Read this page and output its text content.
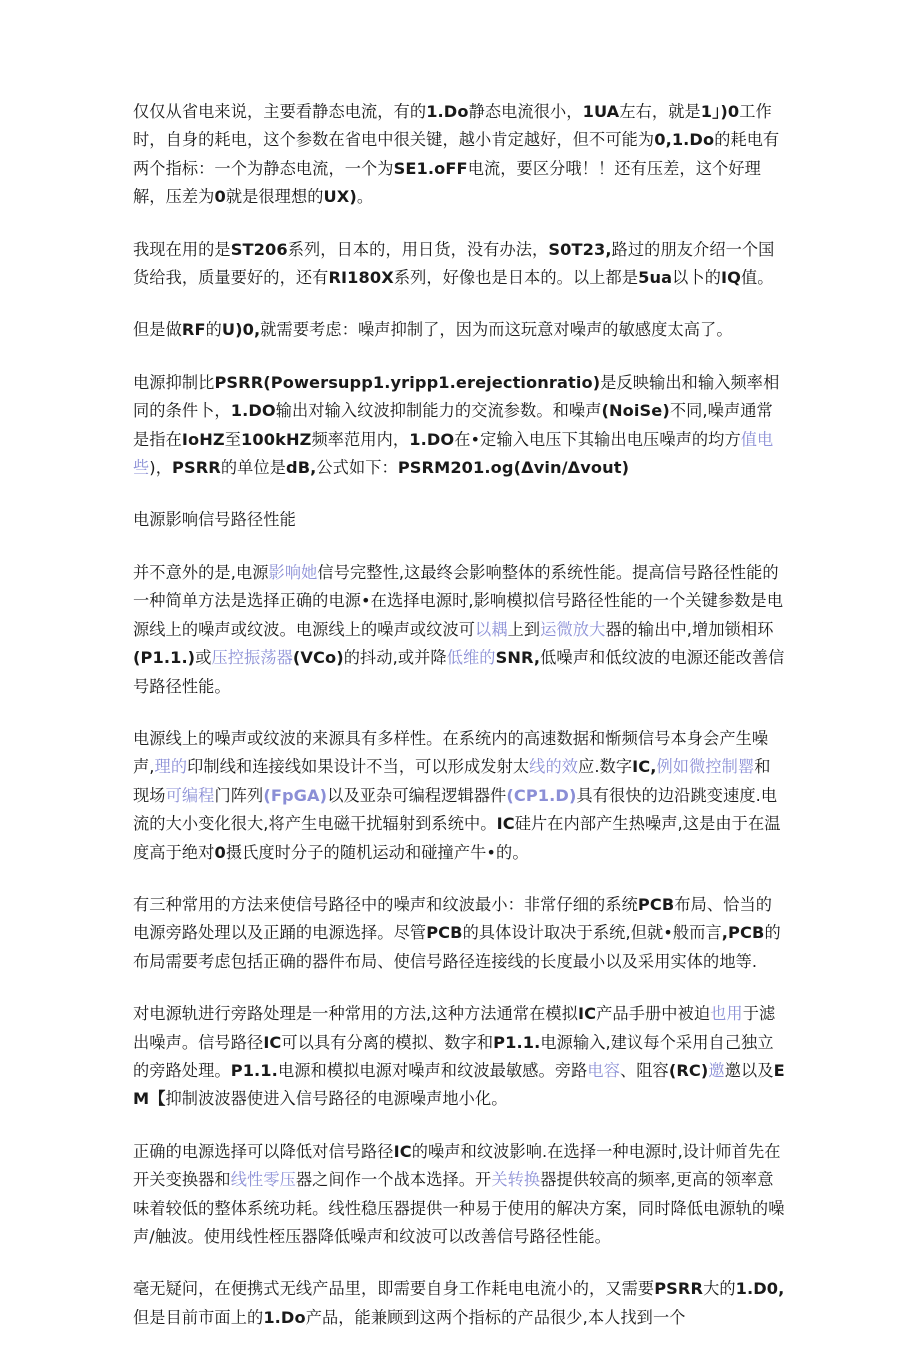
仅仅从省电来说，主要看静态电流，有的1.Do静态电流很小，1UA左右，就是1」)0工作时，自身的耗电，这个参数在省电中很关键，越小肯定越好，但不可能为0,1.Do的耗电有两个指标：一个为静态电流，一个为SE1.oFF电流，要区分哦！！还有压差，这个好理解，压差为0就是很理想的UX)。

我现在用的是ST206系列，日本的，用日货，没有办法，S0T23,路过的朋友介绍一个国货给我，质量要好的，还有RI180X系列，好像也是日本的。以上都是5ua以卜的IQ值。

但是做RF的U)0,就需要考虑：噪声抑制了，因为而这玩意对噪声的敏感度太高了。

电源抑制比PSRR(Powersupp1.yripp1.erejectionratio)是反映输出和输入频率相同的条件卜，1.DO输出对输入纹波抑制能力的交流参数。和噪声(NoiSe)不同,噪声通常是指在IoHZ至100kHZ频率范用内，1.DO在•定输入电压下其输出电压噪声的均方值电些)，PSRR的单位是dB,公式如下：PSRM201.og(Δvin/Δvout)

电源影响信号路径性能

并不意外的是,电源影响她信号完整性,这最终会影响整体的系统性能。提高信号路径性能的一种简单方法是选择正确的电源•在选择电源时,影响模拟信号路径性能的一个关键参数是电源线上的噪声或纹波。电源线上的噪声或纹波可以耦上到运微放大器的输出中,增加锁相环(P1.1.)或压控振荡器(VCo)的抖动,或并降低维的SNR,低噪声和低纹波的电源还能改善信号路径性能。

电源线上的噪声或纹波的来源具有多样性。在系统内的高速数据和惭频信号本身会产生噪声,理的印制线和连接线如果设计不当，可以形成发射太线的效应.数字IC,例如微控制罂和现场可编程门阵列(FpGA)以及亚杂可编程逻辑器件(CP1.D)具有很快的边沿跳变速度.电流的大小变化很大,将产生电磁干扰辐射到系统中。IC硅片在内部产生热噪声,这是由于在温度高于绝对0摄氏度时分子的随机运动和碰撞产牛•的。

有三种常用的方法来使信号路径中的噪声和纹波最小：非常仔细的系统PCB布局、恰当的电源旁路处理以及正踊的电源选择。尽管PCB的具体设计取决于系统,但就•般而言,PCB的布局需要考虑包括正确的器件布局、使信号路径连接线的长度最小以及采用实体的地等.

对电源轨进行旁路处理是一种常用的方法,这种方法通常在模拟IC产品手册中被迫也用于滤出噪声。信号路径IC可以具有分离的模拟、数字和P1.1.电源输入,建议每个采用自己独立的旁路处理。P1.1.电源和模拟电源对噪声和纹波最敏感。旁路电容、阻容(RC)邀邀以及EM【抑制波波器使进入信号路径的电源噪声地小化。

正确的电源选择可以降低对信号路径IC的噪声和纹波影响.在选择一种电源时,设计师首先在开关变换器和线性零压器之间作一个战本选择。开关转换器提供较高的频率,更高的领率意味着较低的整体系统功耗。线性稳压器提供一种易于使用的解决方案，同时降低电源轨的噪声/触波。使用线性桎压器降低噪声和纹波可以改善信号路径性能。

毫无疑问，在便携式无线产品里，即需要自身工作耗电电流小的，又需要PSRR大的1.D0,但是目前市面上的1.Do产品，能兼顾到这两个指标的产品很少,本人找到一个
